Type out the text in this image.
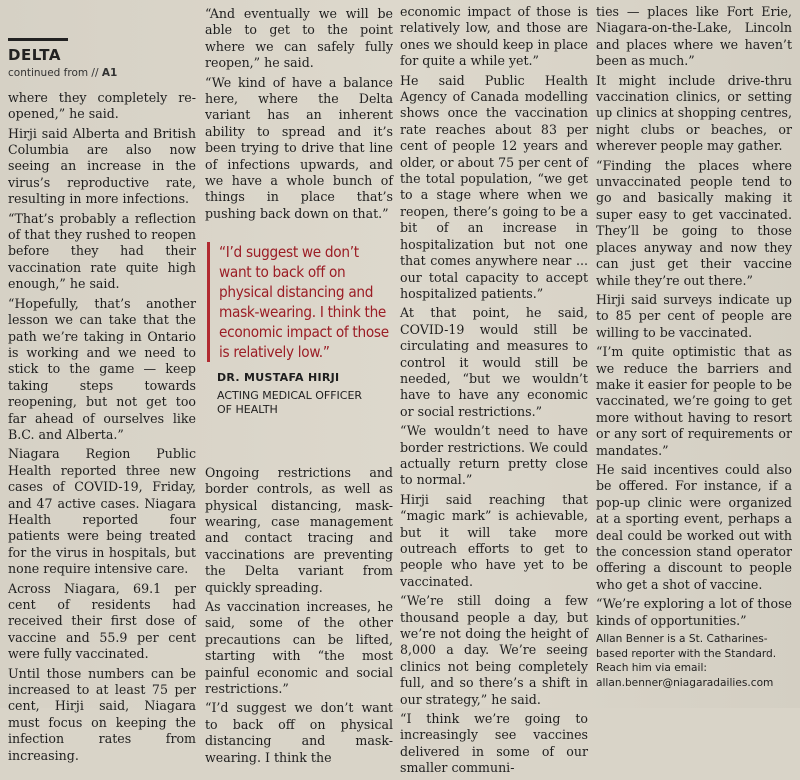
DELTA
continued from // A1

where they completely re-opened,” he said.

Hirji said Alberta and British Columbia are also now seeing an increase in the virus’s reproductive rate, resulting in more infections.

“That’s probably a reflection of that they rushed to reopen before they had their vaccination rate quite high enough,” he said.

“Hopefully, that’s another lesson we can take that the path we’re taking in Ontario is working and we need to stick to the game — keep taking steps towards reopening, but not get too far ahead of ourselves like B.C. and Alberta.”

Niagara Region Public Health reported three new cases of COVID-19, Friday, and 47 active cases. Niagara Health reported four patients were being treated for the virus in hospitals, but none require intensive care.

Across Niagara, 69.1 per cent of residents had received their first dose of vaccine and 55.9 per cent were fully vaccinated.

Until those numbers can be increased to at least 75 per cent, Hirji said, Niagara must focus on keeping the infection rates from increasing.

“And eventually we will be able to get to the point where we can safely fully reopen,” he said.

“We kind of have a balance here, where the Delta variant has an inherent ability to spread and it’s been trying to drive that line of infections upwards, and we have a whole bunch of things in place that’s pushing back down on that.”

“I’d suggest we don’t want to back off on physical distancing and mask-wearing. I think the economic impact of those is relatively low.”
DR. MUSTAFA HIRJI
ACTING MEDICAL OFFICER OF HEALTH

Ongoing restrictions and border controls, as well as physical distancing, mask-wearing, case management and contact tracing and vaccinations are preventing the Delta variant from quickly spreading.

As vaccination increases, he said, some of the other precautions can be lifted, starting with “the most painful economic and social restrictions.”

“I’d suggest we don’t want to back off on physical distancing and mask-wearing. I think the

economic impact of those is relatively low, and those are ones we should keep in place for quite a while yet.”

He said Public Health Agency of Canada modelling shows once the vaccination rate reaches about 83 per cent of people 12 years and older, or about 75 per cent of the total population, “we get to a stage where when we reopen, there’s going to be a bit of an increase in hospitalization but not one that comes anywhere near ... our total capacity to accept hospitalized patients.”

At that point, he said, COVID-19 would still be circulating and measures to control it would still be needed, “but we wouldn’t have to have any economic or social restrictions.”

“We wouldn’t need to have border restrictions. We could actually return pretty close to normal.”

Hirji said reaching that “magic mark” is achievable, but it will take more outreach efforts to get to people who have yet to be vaccinated.

“We’re still doing a few thousand people a day, but we’re not doing the height of 8,000 a day. We’re seeing clinics not being completely full, and so there’s a shift in our strategy,” he said.

“I think we’re going to increasingly see vaccines delivered in some of our smaller communi-

ties — places like Fort Erie, Niagara-on-the-Lake, Lincoln and places where we haven’t been as much.”

It might include drive-thru vaccination clinics, or setting up clinics at shopping centres, night clubs or beaches, or wherever people may gather.

“Finding the places where unvaccinated people tend to go and basically making it super easy to get vaccinated. They’ll be going to those places anyway and now they can just get their vaccine while they’re out there.”

Hirji said surveys indicate up to 85 per cent of people are willing to be vaccinated.

“I’m quite optimistic that as we reduce the barriers and make it easier for people to be vaccinated, we’re going to get more without having to resort or any sort of requirements or mandates.”

He said incentives could also be offered. For instance, if a pop-up clinic were organized at a sporting event, perhaps a deal could be worked out with the concession stand operator offering a discount to people who get a shot of vaccine.

“We’re exploring a lot of those kinds of opportunities.”

Allan Benner is a St. Catharines-based reporter with the Standard. Reach him via email: allan.benner@niagaradailies.com
